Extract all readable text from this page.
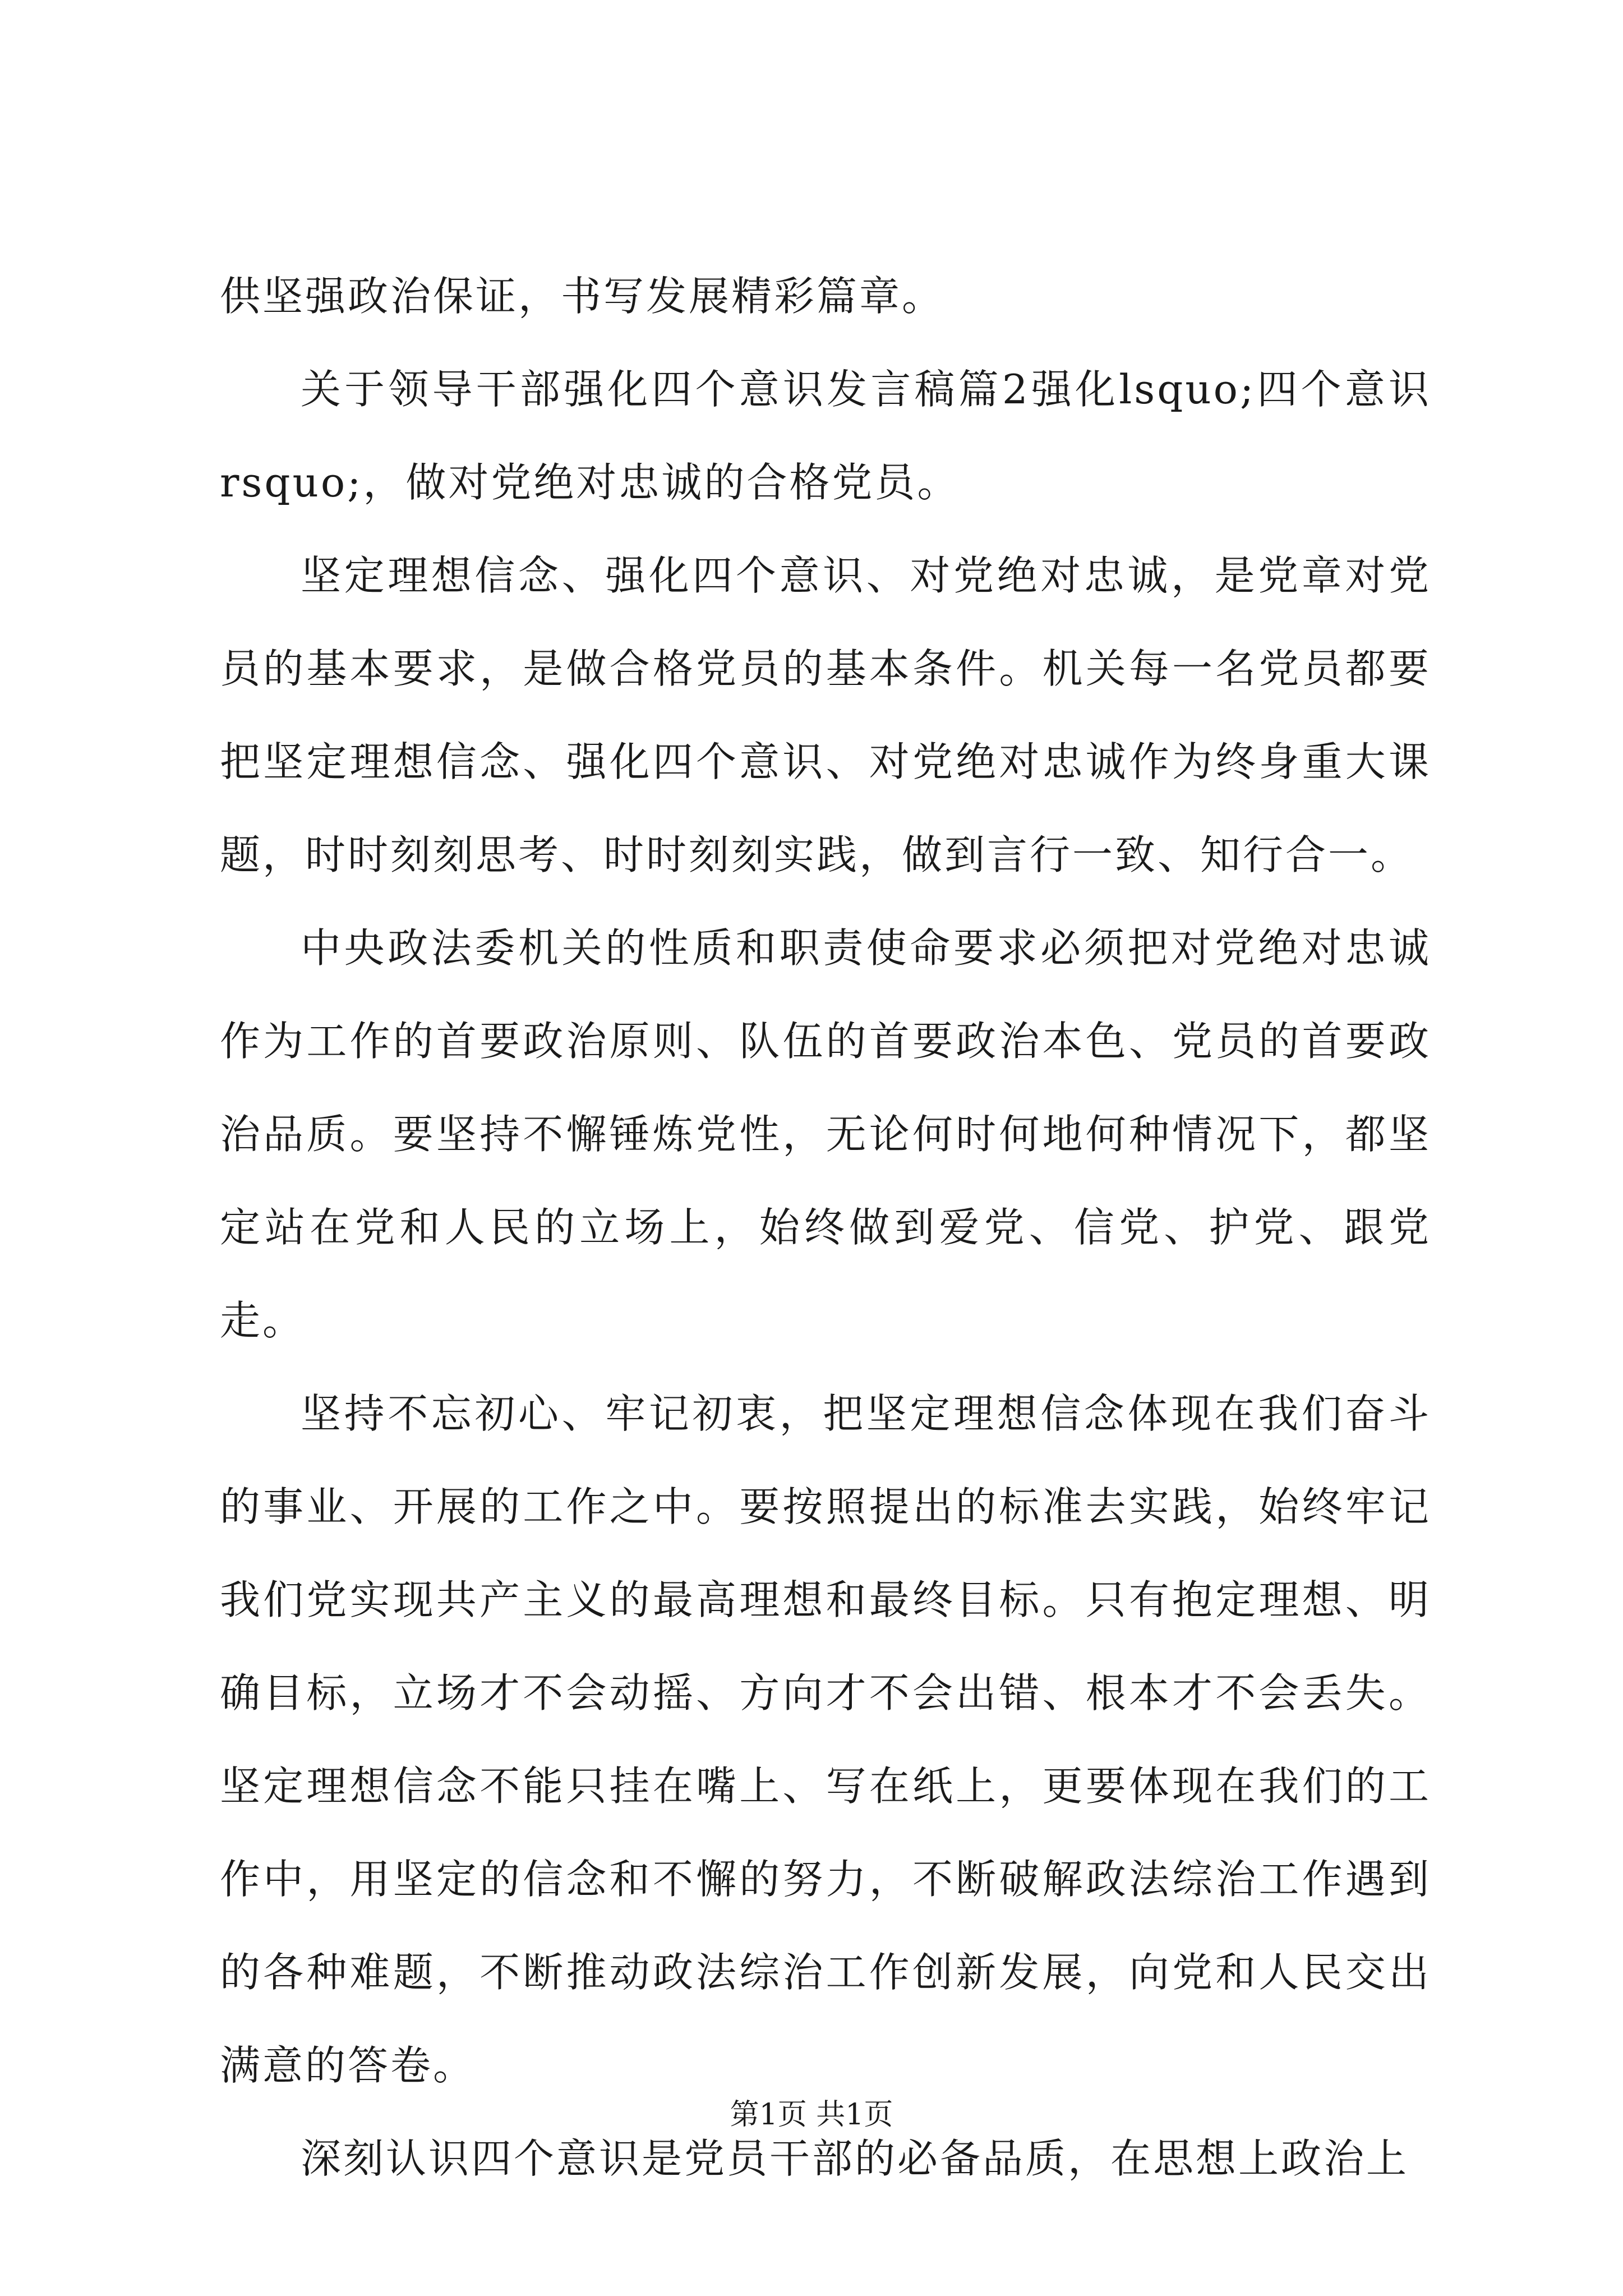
供坚强政治保证，书写发展精彩篇章。

关于领导干部强化四个意识发言稿篇2强化lsquo;四个意识rsquo;，做对党绝对忠诚的合格党员。

坚定理想信念、强化四个意识、对党绝对忠诚，是党章对党员的基本要求，是做合格党员的基本条件。机关每一名党员都要把坚定理想信念、强化四个意识、对党绝对忠诚作为终身重大课题，时时刻刻思考、时时刻刻实践，做到言行一致、知行合一。

中央政法委机关的性质和职责使命要求必须把对党绝对忠诚作为工作的首要政治原则、队伍的首要政治本色、党员的首要政治品质。要坚持不懈锤炼党性，无论何时何地何种情况下，都坚定站在党和人民的立场上，始终做到爱党、信党、护党、跟党走。

坚持不忘初心、牢记初衷，把坚定理想信念体现在我们奋斗的事业、开展的工作之中。要按照提出的标准去实践，始终牢记我们党实现共产主义的最高理想和最终目标。只有抱定理想、明确目标，立场才不会动摇、方向才不会出错、根本才不会丢失。坚定理想信念不能只挂在嘴上、写在纸上，更要体现在我们的工作中，用坚定的信念和不懈的努力，不断破解政法综治工作遇到的各种难题，不断推动政法综治工作创新发展，向党和人民交出满意的答卷。

深刻认识四个意识是党员干部的必备品质，在思想上政治上

第1页 共1页
